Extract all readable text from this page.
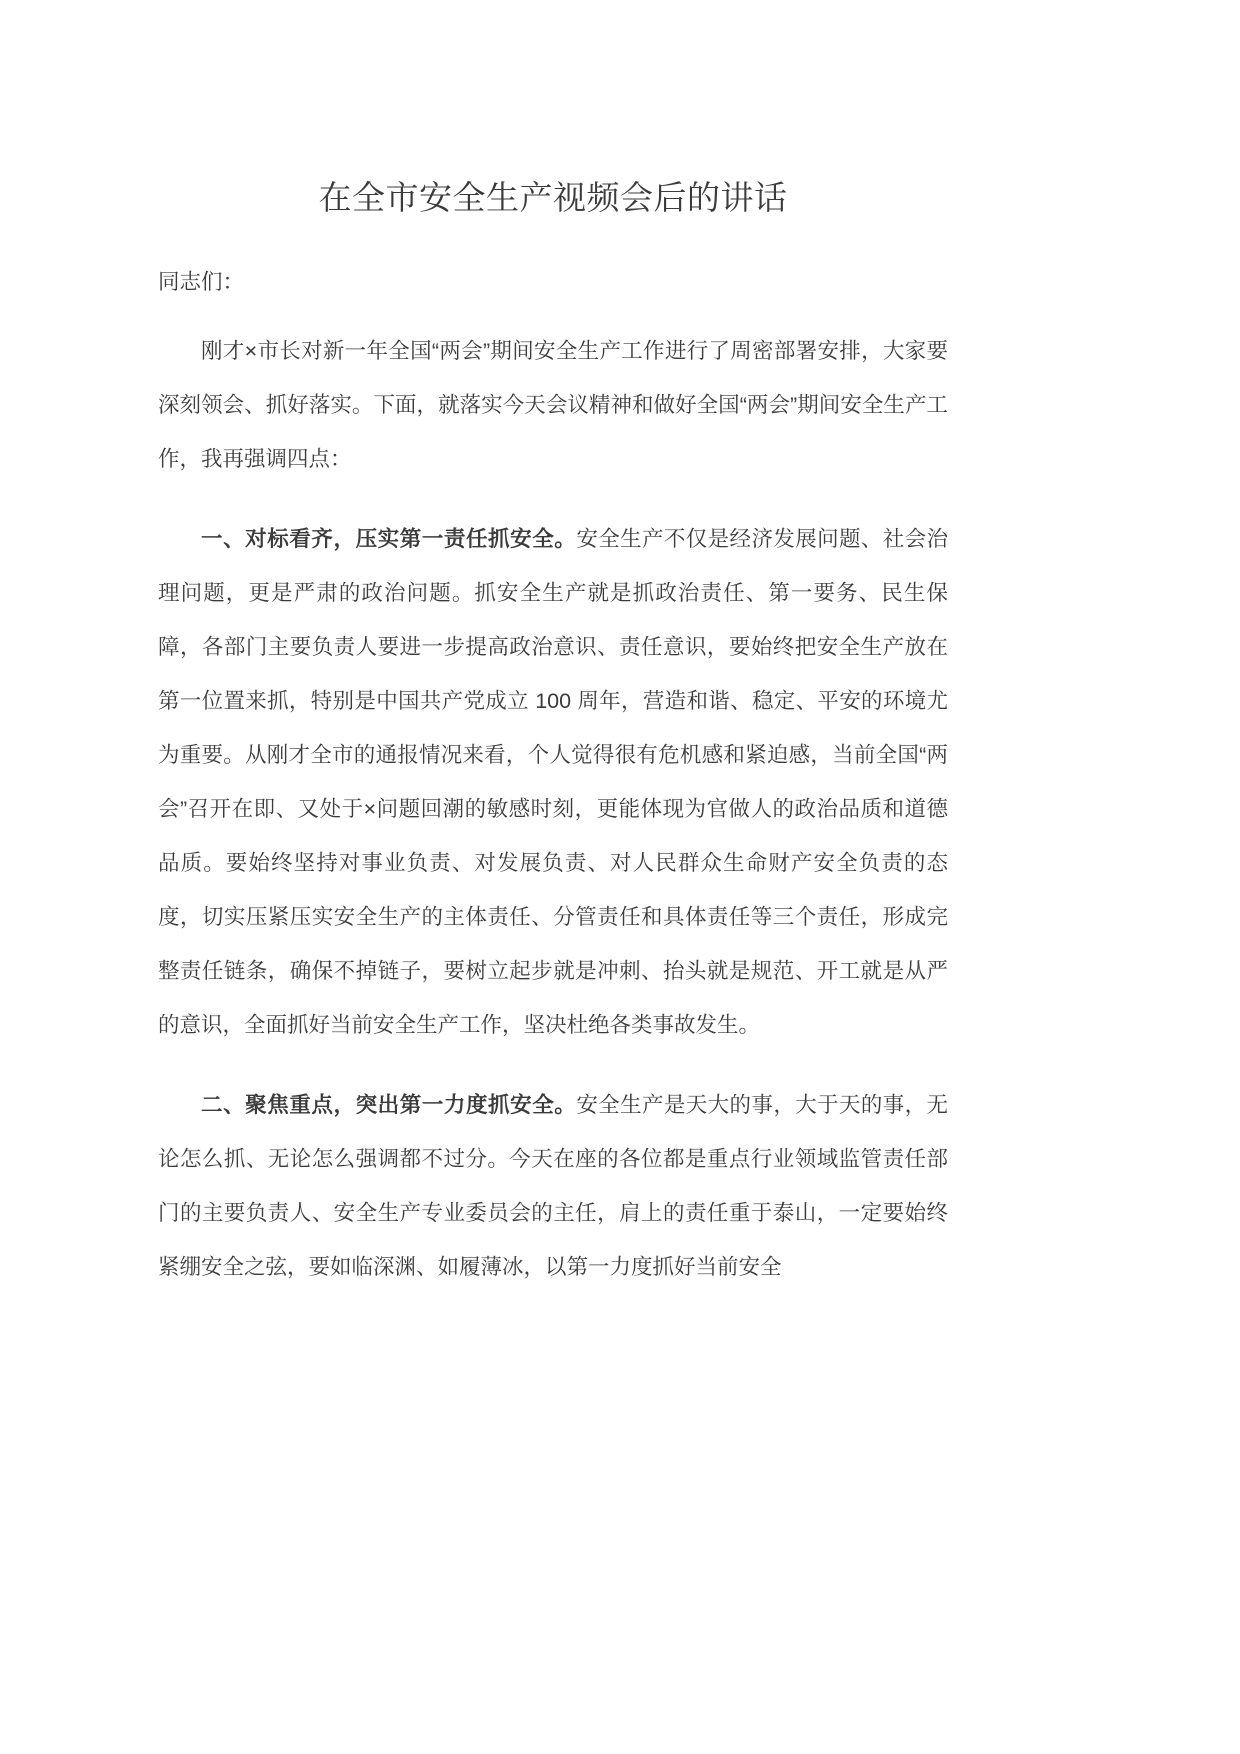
在全市安全生产视频会后的讲话

同志们：

刚才×市长对新一年全国“两会”期间安全生产工作进行了周密部署安排，大家要深刻领会、抓好落实。下面，就落实今天会议精神和做好全国“两会”期间安全生产工作，我再强调四点：

一、对标看齐，压实第一责任抓安全。安全生产不仅是经济发展问题、社会治理问题，更是严肃的政治问题。抓安全生产就是抓政治责任、第一要务、民生保障，各部门主要负责人要进一步提高政治意识、责任意识，要始终把安全生产放在第一位置来抓，特别是中国共产党成立 100 周年，营造和谐、稳定、平安的环境尤为重要。从刚才全市的通报情况来看，个人觉得很有危机感和紧迫感，当前全国“两会”召开在即、又处于×问题回潮的敏感时刻，更能体现为官做人的政治品质和道德品质。要始终坚持对事业负责、对发展负责、对人民群众生命财产安全负责的态度，切实压紧压实安全生产的主体责任、分管责任和具体责任等三个责任，形成完整责任链条，确保不掉链子，要树立起步就是冲刺、抬头就是规范、开工就是从严的意识，全面抓好当前安全生产工作，坚决杜绝各类事故发生。

二、聚焦重点，突出第一力度抓安全。安全生产是天大的事，大于天的事，无论怎么抓、无论怎么强调都不过分。今天在座的各位都是重点行业领域监管责任部门的主要负责人、安全生产专业委员会的主任，肩上的责任重于泰山，一定要始终紧绷安全之弦，要如临深渊、如履薄冰，以第一力度抓好当前安全
